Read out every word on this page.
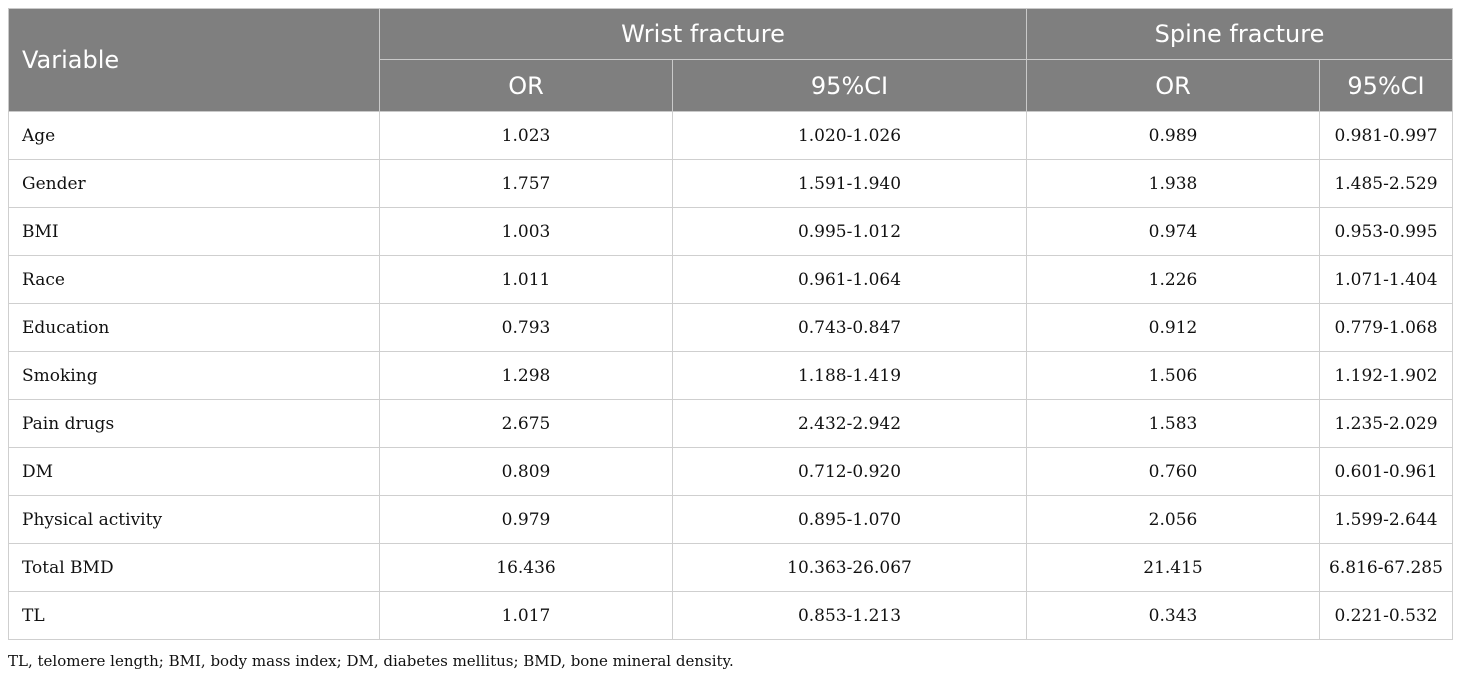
Variable	Wrist fracture		Spine fracture	
	OR	95%CI	OR	95%CI
Age	1.023	1.020-1.026	0.989	0.981-0.997
Gender	1.757	1.591-1.940	1.938	1.485-2.529
BMI	1.003	0.995-1.012	0.974	0.953-0.995
Race	1.011	0.961-1.064	1.226	1.071-1.404
Education	0.793	0.743-0.847	0.912	0.779-1.068
Smoking	1.298	1.188-1.419	1.506	1.192-1.902
Pain drugs	2.675	2.432-2.942	1.583	1.235-2.029
DM	0.809	0.712-0.920	0.760	0.601-0.961
Physical activity	0.979	0.895-1.070	2.056	1.599-2.644
Total BMD	16.436	10.363-26.067	21.415	6.816-67.285
TL	1.017	0.853-1.213	0.343	0.221-0.532
TL, telomere length; BMI, body mass index; DM, diabetes mellitus; BMD, bone mineral density.
